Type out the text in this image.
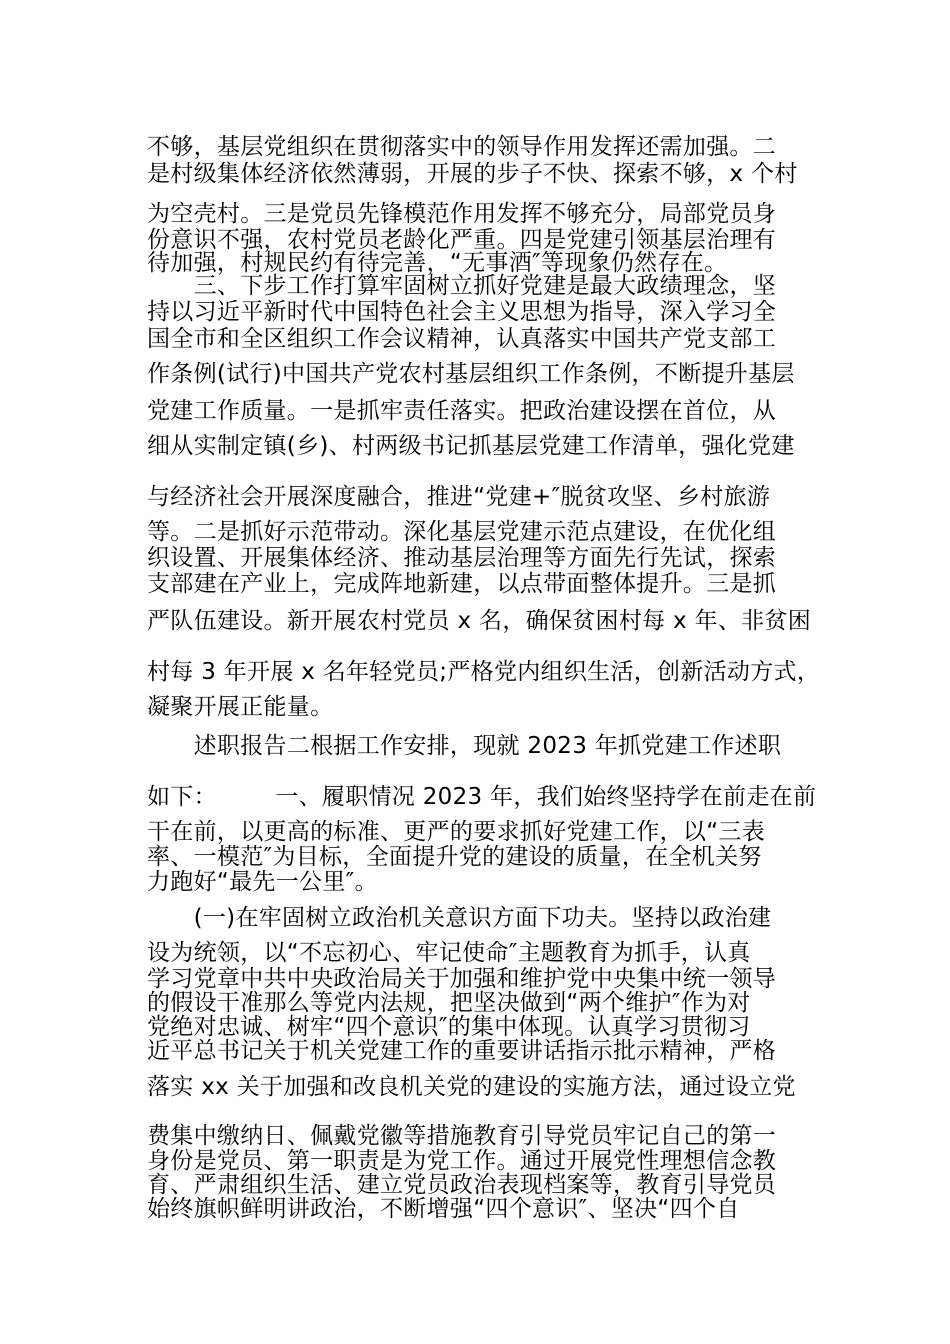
不够，基层党组织在贯彻落实中的领导作用发挥还需加强。二
是村级集体经济依然薄弱，开展的步子不快、探索不够，x 个村
为空壳村。三是党员先锋模范作用发挥不够充分，局部党员身
份意识不强，农村党员老龄化严重。四是党建引领基层治理有
待加强，村规民约有待完善，“无事酒″等现象仍然存在。
　　三、下步工作打算牢固树立抓好党建是最大政绩理念，坚
持以习近平新时代中国特色社会主义思想为指导，深入学习全
国全市和全区组织工作会议精神，认真落实中国共产党支部工
作条例(试行)中国共产党农村基层组织工作条例，不断提升基层
党建工作质量。一是抓牢责任落实。把政治建设摆在首位，从
细从实制定镇(乡)、村两级书记抓基层党建工作清单，强化党建
与经济社会开展深度融合，推进“党建+″脱贫攻坚、乡村旅游
等。二是抓好示范带动。深化基层党建示范点建设，在优化组
织设置、开展集体经济、推动基层治理等方面先行先试，探索
支部建在产业上，完成阵地新建，以点带面整体提升。三是抓
严队伍建设。新开展农村党员 x 名，确保贫困村每 x 年、非贫困
村每 3 年开展 x 名年轻党员;严格党内组织生活，创新活动方式，
凝聚开展正能量。
　　述职报告二根据工作安排，现就 2023 年抓党建工作述职
如下：　　　一、履职情况 2023 年，我们始终坚持学在前走在前
干在前，以更高的标准、更严的要求抓好党建工作，以“三表
率、一模范″为目标，全面提升党的建设的质量，在全机关努
力跑好“最先一公里″。
　　(一)在牢固树立政治机关意识方面下功夫。坚持以政治建
设为统领，以“不忘初心、牢记使命″主题教育为抓手，认真
学习党章中共中央政治局关于加强和维护党中央集中统一领导
的假设干准那么等党内法规，把坚决做到“两个维护″作为对
党绝对忠诚、树牢“四个意识″的集中体现。认真学习贯彻习
近平总书记关于机关党建工作的重要讲话指示批示精神，严格
落实 xx 关于加强和改良机关党的建设的实施方法，通过设立党
费集中缴纳日、佩戴党徽等措施教育引导党员牢记自己的第一
身份是党员、第一职责是为党工作。通过开展党性理想信念教
育、严肃组织生活、建立党员政治表现档案等，教育引导党员
始终旗帜鲜明讲政治，不断增强“四个意识″、坚决“四个自
